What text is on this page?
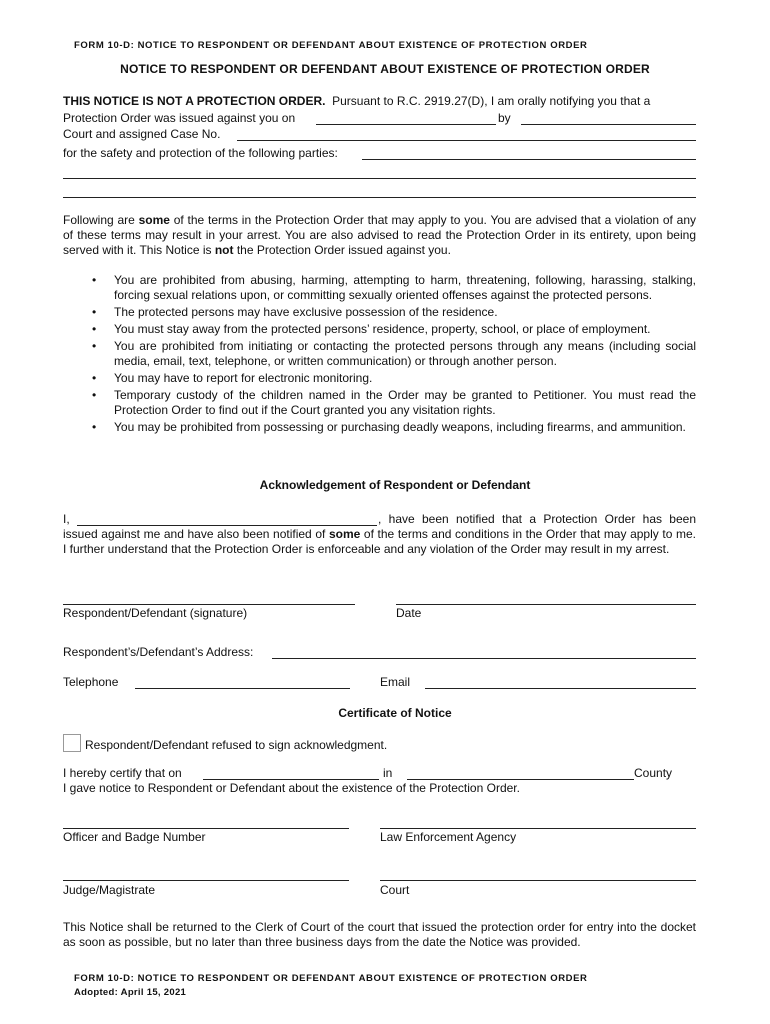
FORM 10-D: NOTICE TO RESPONDENT OR DEFENDANT ABOUT EXISTENCE OF PROTECTION ORDER
NOTICE TO RESPONDENT OR DEFENDANT ABOUT EXISTENCE OF PROTECTION ORDER
THIS NOTICE IS NOT A PROTECTION ORDER. Pursuant to R.C. 2919.27(D), I am orally notifying you that a
Protection Order was issued against you on	by
Court and assigned Case No.
for the safety and protection of the following parties:
Following are some of the terms in the Protection Order that may apply to you. You are advised that a violation of any of these terms may result in your arrest. You are also advised to read the Protection Order in its entirety, upon being served with it. This Notice is not the Protection Order issued against you.
• You are prohibited from abusing, harming, attempting to harm, threatening, following, harassing, stalking, forcing sexual relations upon, or committing sexually oriented offenses against the protected persons.
• The protected persons may have exclusive possession of the residence.
• You must stay away from the protected persons’ residence, property, school, or place of employment.
• You are prohibited from initiating or contacting the protected persons through any means (including social media, email, text, telephone, or written communication) or through another person.
• You may have to report for electronic monitoring.
• Temporary custody of the children named in the Order may be granted to Petitioner. You must read the Protection Order to find out if the Court granted you any visitation rights.
• You may be prohibited from possessing or purchasing deadly weapons, including firearms, and ammunition.
Acknowledgement of Respondent or Defendant
I,	, have been notified that a Protection Order has been issued against me and have also been notified of some of the terms and conditions in the Order that may apply to me. I further understand that the Protection Order is enforceable and any violation of the Order may result in my arrest.
Respondent/Defendant (signature)	Date
Respondent’s/Defendant’s Address:
Telephone	Email
Certificate of Notice
Respondent/Defendant refused to sign acknowledgment.
I hereby certify that on	in	County
I gave notice to Respondent or Defendant about the existence of the Protection Order.
Officer and Badge Number	Law Enforcement Agency
Judge/Magistrate	Court
This Notice shall be returned to the Clerk of Court of the court that issued the protection order for entry into the docket as soon as possible, but no later than three business days from the date the Notice was provided.
FORM 10-D: NOTICE TO RESPONDENT OR DEFENDANT ABOUT EXISTENCE OF PROTECTION ORDER
Adopted: April 15, 2021
